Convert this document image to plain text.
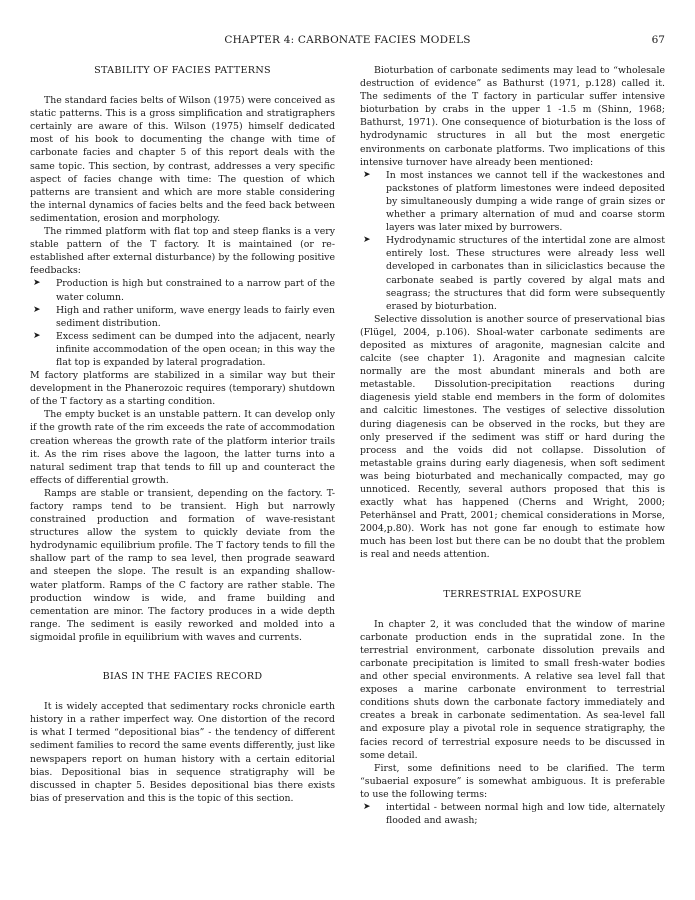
CHAPTER 4: CARBONATE FACIES MODELS	67
STABILITY OF FACIES PATTERNS

The standard facies belts of Wilson (1975) were conceived as static patterns. This is a gross simplification and stratigraphers certainly are aware of this. Wilson (1975) himself dedicated most of his book to documenting the change with time of carbonate facies and chapter 5 of this report deals with the same topic. This section, by contrast, addresses a very specific aspect of facies change with time: The question of which patterns are transient and which are more stable considering the internal dynamics of facies belts and the feed back between sedimentation, erosion and morphology.

The rimmed platform with flat top and steep flanks is a very stable pattern of the T factory. It is maintained (or re-established after external disturbance) by the following positive feedbacks:

➤ Production is high but constrained to a narrow part of the water column.
➤ High and rather uniform, wave energy leads to fairly even sediment distribution.
➤ Excess sediment can be dumped into the adjacent, nearly infinite accommodation of the open ocean; in this way the flat top is expanded by lateral progradation.

M factory platforms are stabilized in a similar way but their development in the Phanerozoic requires (temporary) shutdown of the T factory as a starting condition.

The empty bucket is an unstable pattern. It can develop only if the growth rate of the rim exceeds the rate of accommodation creation whereas the growth rate of the platform interior trails it. As the rim rises above the lagoon, the latter turns into a natural sediment trap that tends to fill up and counteract the effects of differential growth.

Ramps are stable or transient, depending on the factory. T-factory ramps tend to be transient. High but narrowly constrained production and formation of wave-resistant structures allow the system to quickly deviate from the hydrodynamic equilibrium profile. The T factory tends to fill the shallow part of the ramp to sea level, then prograde seaward and steepen the slope. The result is an expanding shallow-water platform. Ramps of the C factory are rather stable. The production window is wide, and frame building and cementation are minor. The factory produces in a wide depth range. The sediment is easily reworked and molded into a sigmoidal profile in equilibrium with waves and currents.

BIAS IN THE FACIES RECORD

It is widely accepted that sedimentary rocks chronicle earth history in a rather imperfect way. One distortion of the record is what I termed “depositional bias” - the tendency of different sediment families to record the same events differently, just like newspapers report on human history with a certain editorial bias. Depositional bias in sequence stratigraphy will be discussed in chapter 5. Besides depositional bias there exists bias of preservation and this is the topic of this section.

Bioturbation of carbonate sediments may lead to “wholesale destruction of evidence” as Bathurst (1971, p.128) called it. The sediments of the T factory in particular suffer intensive bioturbation by crabs in the upper 1 -1.5 m (Shinn, 1968; Bathurst, 1971). One consequence of bioturbation is the loss of hydrodynamic structures in all but the most energetic environments on carbonate platforms. Two implications of this intensive turnover have already been mentioned:

➤ In most instances we cannot tell if the wackestones and packstones of platform limestones were indeed deposited by simultaneously dumping a wide range of grain sizes or whether a primary alternation of mud and coarse storm layers was later mixed by burrowers.
➤ Hydrodynamic structures of the intertidal zone are almost entirely lost. These structures were already less well developed in carbonates than in siliciclastics because the carbonate seabed is partly covered by algal mats and seagrass; the structures that did form were subsequently erased by bioturbation.

Selective dissolution is another source of preservational bias (Flügel, 2004, p.106). Shoal-water carbonate sediments are deposited as mixtures of aragonite, magnesian calcite and calcite (see chapter 1). Aragonite and magnesian calcite normally are the most abundant minerals and both are metastable. Dissolution-precipitation reactions during diagenesis yield stable end members in the form of dolomites and calcitic limestones. The vestiges of selective dissolution during diagenesis can be observed in the rocks, but they are only preserved if the sediment was stiff or hard during the process and the voids did not collapse. Dissolution of metastable grains during early diagenesis, when soft sediment was being bioturbated and mechanically compacted, may go unnoticed. Recently, several authors proposed that this is exactly what has happened (Cherns and Wright, 2000; Peterhänsel and Pratt, 2001; chemical considerations in Morse, 2004,p.80). Work has not gone far enough to estimate how much has been lost but there can be no doubt that the problem is real and needs attention.

TERRESTRIAL EXPOSURE

In chapter 2, it was concluded that the window of marine carbonate production ends in the supratidal zone. In the terrestrial environment, carbonate dissolution prevails and carbonate precipitation is limited to small fresh-water bodies and other special environments. A relative sea level fall that exposes a marine carbonate environment to terrestrial conditions shuts down the carbonate factory immediately and creates a break in carbonate sedimentation. As sea-level fall and exposure play a pivotal role in sequence stratigraphy, the facies record of terrestrial exposure needs to be discussed in some detail.

First, some definitions need to be clarified. The term “subaerial exposure” is somewhat ambiguous. It is preferable to use the following terms:

➤ intertidal - between normal high and low tide, alternately flooded and awash;
